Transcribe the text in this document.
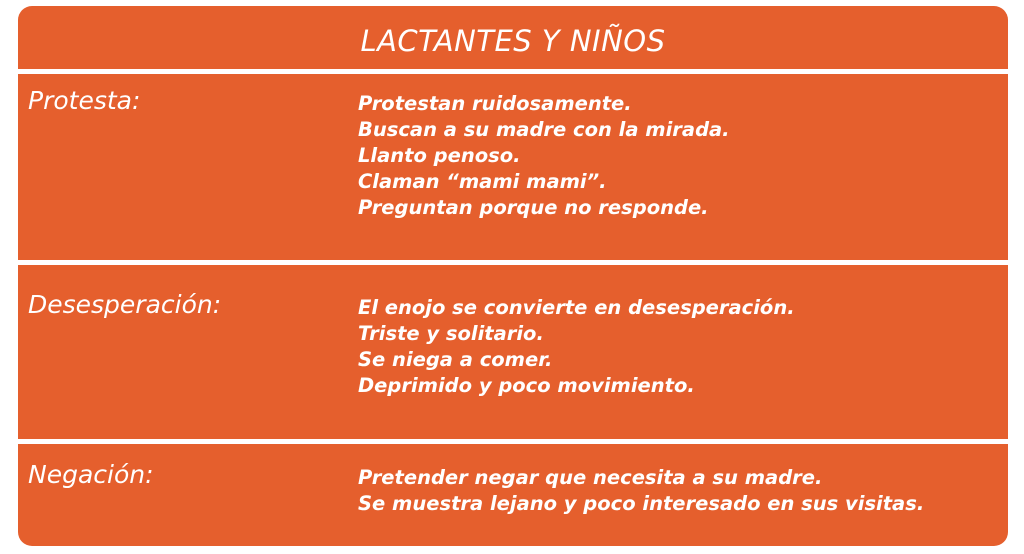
LACTANTES Y NIÑOS
Protesta:	Protestan ruidosamente.
Buscan a su madre con la mirada.
Llanto penoso.
Claman “mami mami”.
Preguntan porque no responde.
Desesperación:	El enojo se convierte en desesperación.
Triste y solitario.
Se niega a comer.
Deprimido y poco movimiento.
Negación:	Pretender negar que necesita a su madre.
Se muestra lejano y poco interesado en sus visitas.
